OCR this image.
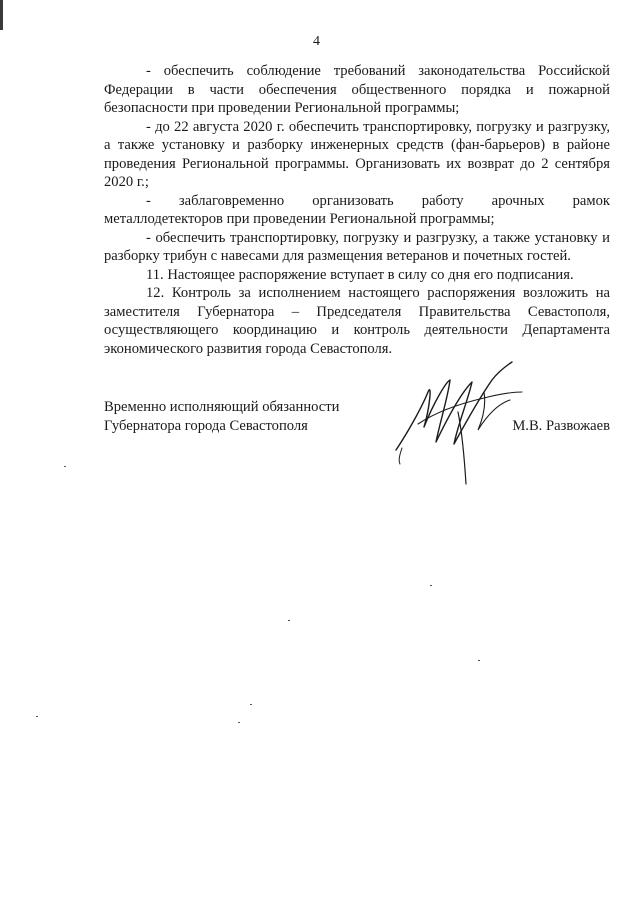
4

- обеспечить соблюдение требований законодательства Российской Федерации в части обеспечения общественного порядка и пожарной безопасности при проведении Региональной программы;

- до 22 августа 2020 г. обеспечить транспортировку, погрузку и разгрузку, а также установку и разборку инженерных средств (фан-барьеров) в районе проведения Региональной программы. Организовать их возврат до 2 сентября 2020 г.;

- заблаговременно организовать работу арочных рамок металлодетекторов при проведении Региональной программы;

- обеспечить транспортировку, погрузку и разгрузку, а также установку и разборку трибун с навесами для размещения ветеранов и почетных гостей.

11. Настоящее распоряжение вступает в силу со дня его подписания.

12. Контроль за исполнением настоящего распоряжения возложить на заместителя Губернатора – Председателя Правительства Севастополя, осуществляющего координацию и контроль деятельности Департамента экономического развития города Севастополя.

Временно исполняющий обязанности

Губернатора города Севастополя	М.В. Развожаев
